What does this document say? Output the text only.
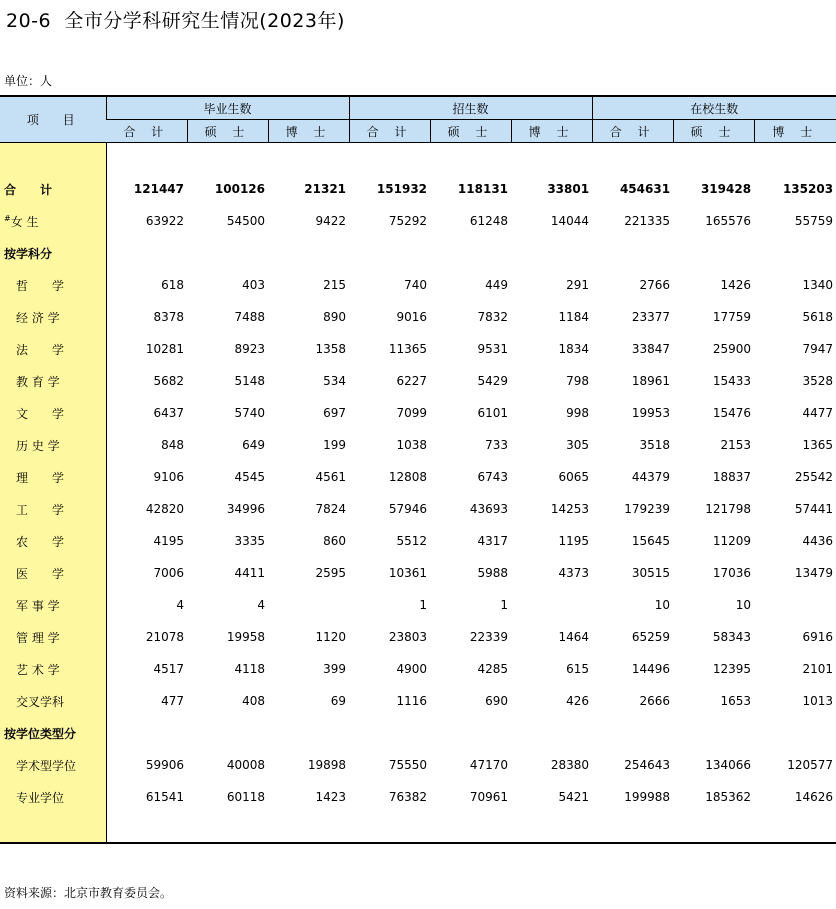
20-6  全市分学科研究生情况(2023年)
单位：人
项 目	毕业生数			招生数			在校生数		
	合 计	硕 士	博 士	合 计	硕 士	博 士	合 计	硕 士	博 士

合　　计	121447	100126	21321	151932	118131	33801	454631	319428	135203
#女 生	63922	54500	9422	75292	61248	14044	221335	165576	55759
按学科分									
哲　　学	618	403	215	740	449	291	2766	1426	1340
经 济 学	8378	7488	890	9016	7832	1184	23377	17759	5618
法　　学	10281	8923	1358	11365	9531	1834	33847	25900	7947
教 育 学	5682	5148	534	6227	5429	798	18961	15433	3528
文　　学	6437	5740	697	7099	6101	998	19953	15476	4477
历 史 学	848	649	199	1038	733	305	3518	2153	1365
理　　学	9106	4545	4561	12808	6743	6065	44379	18837	25542
工　　学	42820	34996	7824	57946	43693	14253	179239	121798	57441
农　　学	4195	3335	860	5512	4317	1195	15645	11209	4436
医　　学	7006	4411	2595	10361	5988	4373	30515	17036	13479
军 事 学	4	4		1	1		10	10	
管 理 学	21078	19958	1120	23803	22339	1464	65259	58343	6916
艺 术 学	4517	4118	399	4900	4285	615	14496	12395	2101
交叉学科	477	408	69	1116	690	426	2666	1653	1013
按学位类型分									
学术型学位	59906	40008	19898	75550	47170	28380	254643	134066	120577
专业学位	61541	60118	1423	76382	70961	5421	199988	185362	14626

资料来源：北京市教育委员会。
